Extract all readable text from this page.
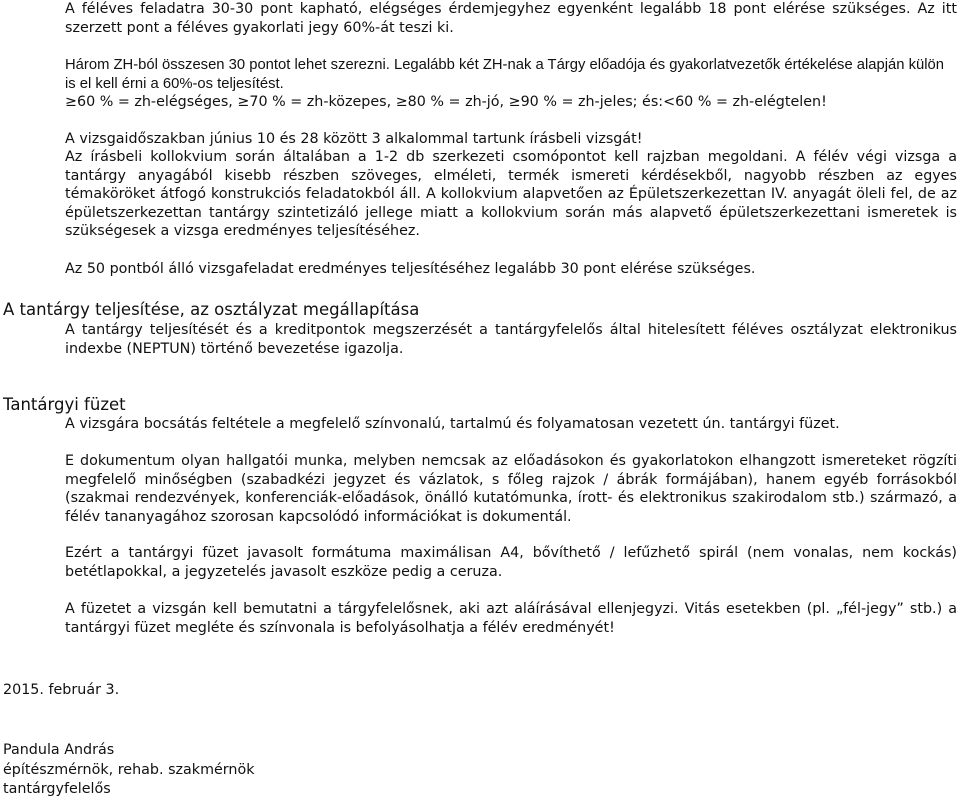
A féléves feladatra 30-30 pont kapható, elégséges érdemjegyhez egyenként legalább 18 pont elérése szükséges. Az itt szerzett pont a féléves gyakorlati jegy 60%-át teszi ki.

Három ZH-ból összesen 30 pontot lehet szerezni. Legalább két ZH-nak a Tárgy előadója és gyakorlatvezetők értékelése alapján külön is el kell érni a 60%-os teljesítést.

≥60 % = zh-elégséges, ≥70 % = zh-közepes, ≥80 % = zh-jó, ≥90 % = zh-jeles; és:<60 % = zh-elégtelen!

A vizsgaidőszakban június 10 és 28 között 3 alkalommal tartunk írásbeli vizsgát!

Az írásbeli kollokvium során általában a 1-2 db szerkezeti csomópontot kell rajzban megoldani. A félév végi vizsga a tantárgy anyagából kisebb részben szöveges, elméleti, termék ismereti kérdésekből, nagyobb részben az egyes témaköröket átfogó konstrukciós feladatokból áll. A kollokvium alapvetően az Épületszerkezettan IV. anyagát öleli fel, de az épületszerkezettan tantárgy szintetizáló jellege miatt a kollokvium során más alapvető épületszerkezettani ismeretek is szükségesek a vizsga eredményes teljesítéséhez.

Az 50 pontból álló vizsgafeladat eredményes teljesítéséhez legalább 30 pont elérése szükséges.

A tantárgy teljesítése, az osztályzat megállapítása

A tantárgy teljesítését és a kreditpontok megszerzését a tantárgyfelelős által hitelesített féléves osztályzat elektronikus indexbe (NEPTUN) történő bevezetése igazolja.

Tantárgyi füzet

A vizsgára bocsátás feltétele a megfelelő színvonalú, tartalmú és folyamatosan vezetett ún. tantárgyi füzet.

E dokumentum olyan hallgatói munka, melyben nemcsak az előadásokon és gyakorlatokon elhangzott ismereteket rögzíti megfelelő minőségben (szabadkézi jegyzet és vázlatok, s főleg rajzok / ábrák formájában), hanem egyéb forrásokból (szakmai rendezvények, konferenciák-előadások, önálló kutatómunka, írott- és elektronikus szakirodalom stb.) származó, a félév tananyagához szorosan kapcsolódó információkat is dokumentál.

Ezért a tantárgyi füzet javasolt formátuma maximálisan A4, bővíthető / lefűzhető spirál (nem vonalas, nem kockás) betétlapokkal, a jegyzetelés javasolt eszköze pedig a ceruza.

A füzetet a vizsgán kell bemutatni a tárgyfelelősnek, aki azt aláírásával ellenjegyzi. Vitás esetekben (pl. „fél-jegy” stb.) a tantárgyi füzet megléte és színvonala is befolyásolhatja a félév eredményét!

2015. február 3.
Pandula András
építészmérnök, rehab. szakmérnök
tantárgyfelelős
